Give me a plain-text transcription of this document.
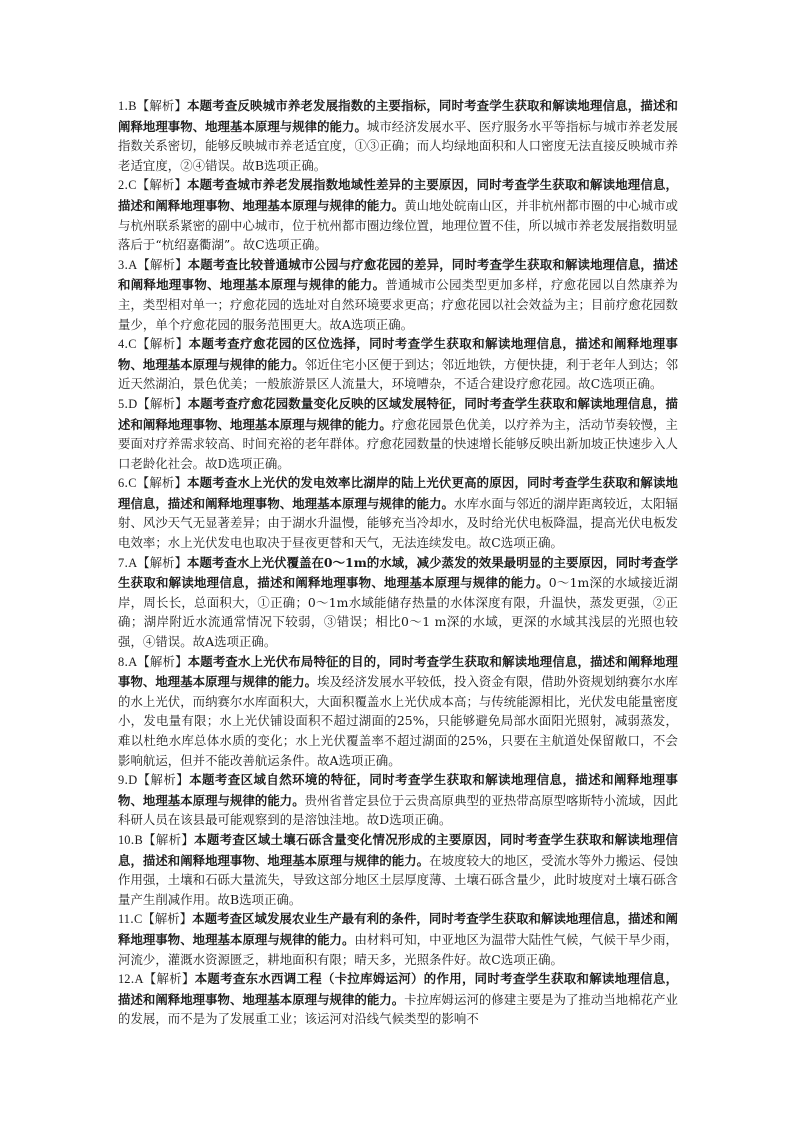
1.B【解析】本题考查反映城市养老发展指数的主要指标，同时考查学生获取和解读地理信息，描述和阐释地理事物、地理基本原理与规律的能力。城市经济发展水平、医疗服务水平等指标与城市养老发展指数关系密切，能够反映城市养老适宜度，①③正确；而人均绿地面积和人口密度无法直接反映城市养老适宜度，②④错误。故B选项正确。

2.C【解析】本题考查城市养老发展指数地域性差异的主要原因，同时考查学生获取和解读地理信息，描述和阐释地理事物、地理基本原理与规律的能力。黄山地处皖南山区，并非杭州都市圈的中心城市或与杭州联系紧密的副中心城市，位于杭州都市圈边缘位置，地理位置不佳，所以城市养老发展指数明显落后于“杭绍嘉衢湖”。故C选项正确。

3.A【解析】本题考查比较普通城市公园与疗愈花园的差异，同时考查学生获取和解读地理信息，描述和阐释地理事物、地理基本原理与规律的能力。普通城市公园类型更加多样，疗愈花园以自然康养为主，类型相对单一；疗愈花园的选址对自然环境要求更高；疗愈花园以社会效益为主；目前疗愈花园数量少，单个疗愈花园的服务范围更大。故A选项正确。

4.C【解析】本题考查疗愈花园的区位选择，同时考查学生获取和解读地理信息，描述和阐释地理事物、地理基本原理与规律的能力。邻近住宅小区便于到达；邻近地铁，方便快捷，利于老年人到达；邻近天然湖泊，景色优美；一般旅游景区人流量大，环境嘈杂，不适合建设疗愈花园。故C选项正确。

5.D【解析】本题考查疗愈花园数量变化反映的区域发展特征，同时考查学生获取和解读地理信息，描述和阐释地理事物、地理基本原理与规律的能力。疗愈花园景色优美，以疗养为主，活动节奏较慢，主要面对疗养需求较高、时间充裕的老年群体。疗愈花园数量的快速增长能够反映出新加坡正快速步入人口老龄化社会。故D选项正确。

6.C【解析】本题考查水上光伏的发电效率比湖岸的陆上光伏更高的原因，同时考查学生获取和解读地理信息，描述和阐释地理事物、地理基本原理与规律的能力。水库水面与邻近的湖岸距离较近，太阳辐射、风沙天气无显著差异；由于湖水升温慢，能够充当冷却水，及时给光伏电板降温，提高光伏电板发电效率；水上光伏发电也取决于昼夜更替和天气，无法连续发电。故C选项正确。

7.A【解析】本题考查水上光伏覆盖在0～1m的水域，减少蒸发的效果最明显的主要原因，同时考查学生获取和解读地理信息，描述和阐释地理事物、地理基本原理与规律的能力。0～1m深的水域接近湖岸，周长长，总面积大，①正确；0～1m水域能储存热量的水体深度有限，升温快，蒸发更强，②正确；湖岸附近水流通常情况下较弱，③错误；相比0～1 m深的水域，更深的水域其浅层的光照也较强，④错误。故A选项正确。

8.A【解析】本题考查水上光伏布局特征的目的，同时考查学生获取和解读地理信息，描述和阐释地理事物、地理基本原理与规律的能力。埃及经济发展水平较低，投入资金有限，借助外资规划纳赛尔水库的水上光伏，而纳赛尔水库面积大，大面积覆盖水上光伏成本高；与传统能源相比，光伏发电能量密度小，发电量有限；水上光伏铺设面积不超过湖面的25%，只能够避免局部水面阳光照射，减弱蒸发，难以杜绝水库总体水质的变化；水上光伏覆盖率不超过湖面的25%，只要在主航道处保留敞口，不会影响航运，但并不能改善航运条件。故A选项正确。

9.D【解析】本题考查区域自然环境的特征，同时考查学生获取和解读地理信息，描述和阐释地理事物、地理基本原理与规律的能力。贵州省普定县位于云贵高原典型的亚热带高原型喀斯特小流域，因此科研人员在该县最可能观察到的是溶蚀洼地。故D选项正确。

10.B【解析】本题考查区域土壤石砾含量变化情况形成的主要原因，同时考查学生获取和解读地理信息，描述和阐释地理事物、地理基本原理与规律的能力。在坡度较大的地区，受流水等外力搬运、侵蚀作用强，土壤和石砾大量流失，导致这部分地区土层厚度薄、土壤石砾含量少，此时坡度对土壤石砾含量产生削减作用。故B选项正确。

11.C【解析】本题考查区域发展农业生产最有利的条件，同时考查学生获取和解读地理信息，描述和阐释地理事物、地理基本原理与规律的能力。由材料可知，中亚地区为温带大陆性气候，气候干旱少雨，河流少，灌溉水资源匮乏，耕地面积有限；晴天多，光照条件好。故C选项正确。

12.A【解析】本题考查东水西调工程（卡拉库姆运河）的作用，同时考查学生获取和解读地理信息，描述和阐释地理事物、地理基本原理与规律的能力。卡拉库姆运河的修建主要是为了推动当地棉花产业的发展，而不是为了发展重工业；该运河对沿线气候类型的影响不
